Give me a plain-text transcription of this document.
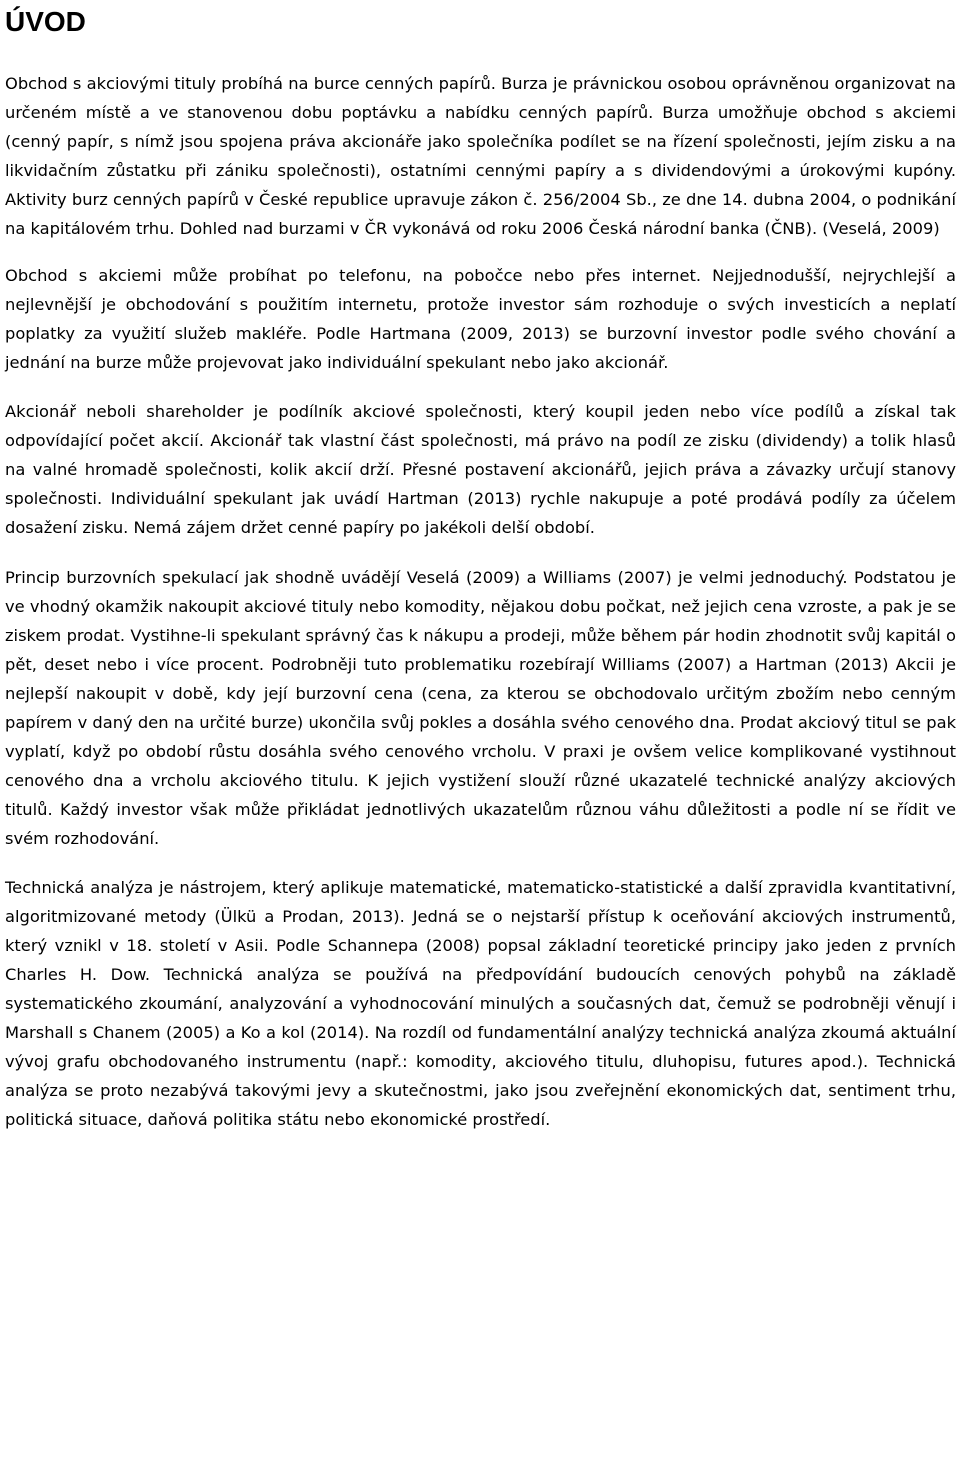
ÚVOD

Obchod s akciovými tituly probíhá na burce cenných papírů. Burza je právnickou osobou oprávněnou organizovat na určeném místě a ve stanovenou dobu poptávku a nabídku cenných papírů. Burza umožňuje obchod s akciemi (cenný papír, s nímž jsou spojena práva akcionáře jako společníka podílet se na řízení společnosti, jejím zisku a na likvidačním zůstatku při zániku společnosti), ostatními cennými papíry a s dividendovými a úrokovými kupóny. Aktivity burz cenných papírů v České republice upravuje zákon č. 256/2004 Sb., ze dne 14. dubna 2004, o podnikání na kapitálovém trhu. Dohled nad burzami v ČR vykonává od roku 2006 Česká národní banka (ČNB). (Veselá, 2009)

Obchod s akciemi může probíhat po telefonu, na pobočce nebo přes internet. Nejjednodušší, nejrychlejší a nejlevnější je obchodování s použitím internetu, protože investor sám rozhoduje o svých investicích a neplatí poplatky za využití služeb makléře. Podle Hartmana (2009, 2013) se burzovní investor podle svého chování a jednání na burze může projevovat jako individuální spekulant nebo jako akcionář.

Akcionář neboli shareholder je podílník akciové společnosti, který koupil jeden nebo více podílů a získal tak odpovídající počet akcií. Akcionář tak vlastní část společnosti, má právo na podíl ze zisku (dividendy) a tolik hlasů na valné hromadě společnosti, kolik akcií drží. Přesné postavení akcionářů, jejich práva a závazky určují stanovy společnosti. Individuální spekulant jak uvádí Hartman (2013) rychle nakupuje a poté prodává podíly za účelem dosažení zisku. Nemá zájem držet cenné papíry po jakékoli delší období.

Princip burzovních spekulací jak shodně uvádějí Veselá (2009) a Williams (2007) je velmi jednoduchý. Podstatou je ve vhodný okamžik nakoupit akciové tituly nebo komodity, nějakou dobu počkat, než jejich cena vzroste, a pak je se ziskem prodat. Vystihne-li spekulant správný čas k nákupu a prodeji, může během pár hodin zhodnotit svůj kapitál o pět, deset nebo i více procent. Podrobněji tuto problematiku rozebírají Williams (2007) a Hartman (2013) Akcii je nejlepší nakoupit v době, kdy její burzovní cena (cena, za kterou se obchodovalo určitým zbožím nebo cenným papírem v daný den na určité burze) ukončila svůj pokles a dosáhla svého cenového dna. Prodat akciový titul se pak vyplatí, když po období růstu dosáhla svého cenového vrcholu. V praxi je ovšem velice komplikované vystihnout cenového dna a vrcholu akciového titulu. K jejich vystižení slouží různé ukazatelé technické analýzy akciových titulů. Každý investor však může přikládat jednotlivých ukazatelům různou váhu důležitosti a podle ní se řídit ve svém rozhodování.

Technická analýza je nástrojem, který aplikuje matematické, matematicko-statistické a další zpravidla kvantitativní, algoritmizované metody (Ülkü a Prodan, 2013). Jedná se o nejstarší přístup k oceňování akciových instrumentů, který vznikl v 18. století v Asii. Podle Schannepa (2008) popsal základní teoretické principy jako jeden z prvních Charles H. Dow. Technická analýza se používá na předpovídání budoucích cenových pohybů na základě systematického zkoumání, analyzování a vyhodnocování minulých a současných dat, čemuž se podrobněji věnují i Marshall s Chanem (2005) a Ko a kol (2014). Na rozdíl od fundamentální analýzy technická analýza zkoumá aktuální vývoj grafu obchodovaného instrumentu (např.: komodity, akciového titulu, dluhopisu, futures apod.). Technická analýza se proto nezabývá takovými jevy a skutečnostmi, jako jsou zveřejnění ekonomických dat, sentiment trhu, politická situace, daňová politika státu nebo ekonomické prostředí.
